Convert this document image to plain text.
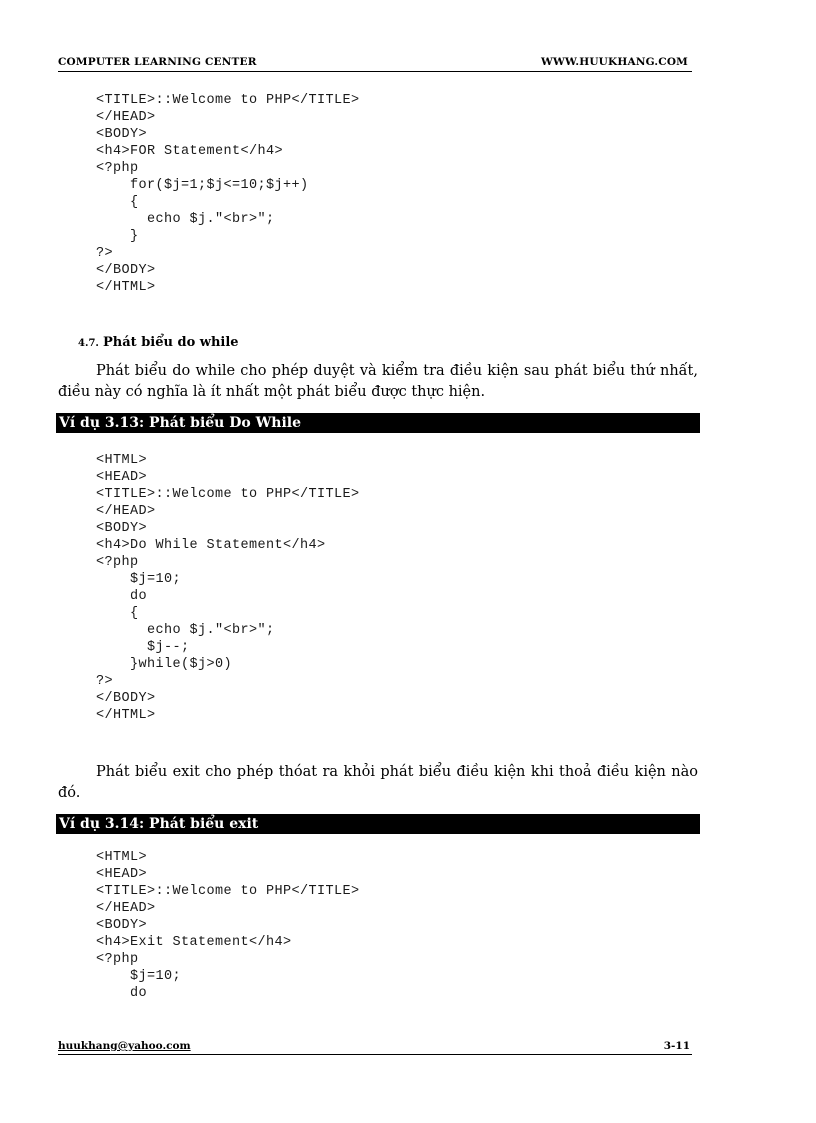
COMPUTER LEARNING CENTER	WWW.HUUKHANG.COM
<TITLE>::Welcome to PHP</TITLE>
</HEAD>
<BODY>
<h4>FOR Statement</h4>
<?php
for($j=1;$j<=10;$j++)
{
echo $j."<br>";
}
?>
</BODY>
</HTML>
4.7. Phát biểu do while

Phát biểu do while cho phép duyệt và kiểm tra điều kiện sau phát biểu thứ nhất, điều này có nghĩa là ít nhất một phát biểu được thực hiện.

Ví dụ 3.13: Phát biểu Do While
<HTML>
<HEAD>
<TITLE>::Welcome to PHP</TITLE>
</HEAD>
<BODY>
<h4>Do While Statement</h4>
<?php
$j=10;
do
{
echo $j."<br>";
$j--;
}while($j>0)
?>
</BODY>
</HTML>

Phát biểu exit cho phép thóat ra khỏi phát biểu điều kiện khi thoả điều kiện nào đó.

Ví dụ 3.14: Phát biểu exit
<HTML>
<HEAD>
<TITLE>::Welcome to PHP</TITLE>
</HEAD>
<BODY>
<h4>Exit Statement</h4>
<?php
$j=10;
do
huukhang@yahoo.com	3-11
